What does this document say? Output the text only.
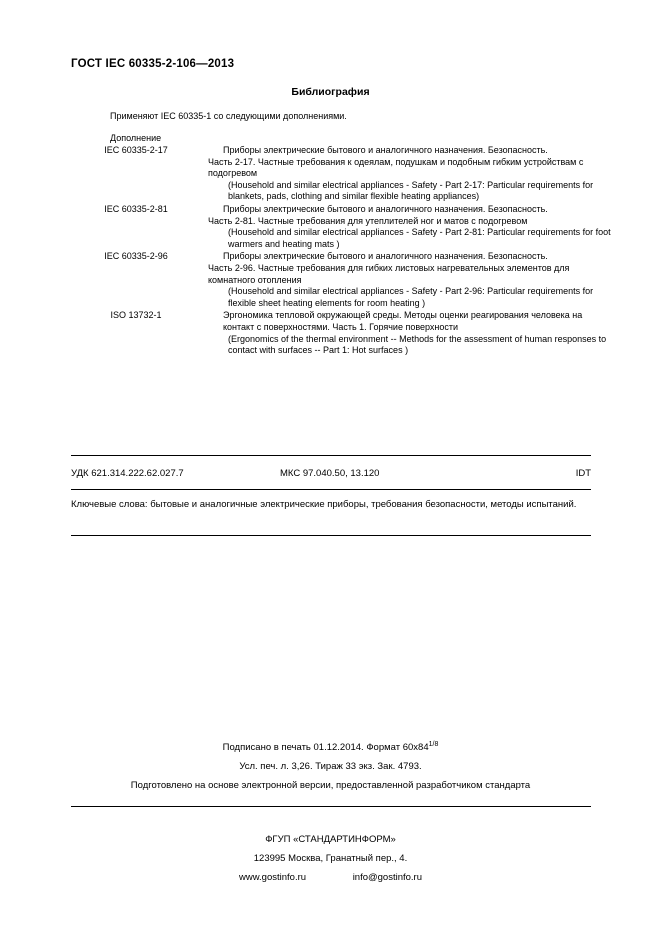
ГОСТ IEC 60335-2-106—2013
Библиография
Применяют IEC 60335-1 со следующими дополнениями.
Дополнение
IEC 60335-2-17	Приборы электрические бытового и аналогичного назначения. Безопасность.
Часть 2-17. Частные требования к одеялам, подушкам и подобным гибким устройствам с подогревом
(Household and similar electrical appliances - Safety - Part 2-17: Particular requirements for blankets, pads, clothing and similar flexible heating appliances)
IEC 60335-2-81	Приборы электрические бытового и аналогичного назначения. Безопасность.
Часть 2-81. Частные требования для утеплителей ног и матов с подогревом
(Household and similar electrical appliances - Safety - Part 2-81: Particular requirements for foot warmers and heating mats )
IEC 60335-2-96	Приборы электрические бытового и аналогичного назначения. Безопасность.
Часть 2-96. Частные требования для гибких листовых нагревательных элементов для комнатного отопления
(Household and similar electrical appliances - Safety - Part 2-96: Particular requirements for flexible sheet heating elements for room heating )
ISO 13732-1	Эргономика тепловой окружающей среды. Методы оценки реагирования человека на контакт с поверхностями. Часть 1. Горячие поверхности
(Ergonomics of the thermal environment -- Methods for the assessment of human responses to contact with surfaces -- Part 1: Hot surfaces )
УДК 621.314.222.62.027.7	МКС 97.040.50, 13.120	IDT
Ключевые слова: бытовые и аналогичные электрические приборы, требования безопасности, методы испытаний.
Подписано в печать 01.12.2014. Формат $60х84^{1/8}$
Усл. печ. л. 3,26. Тираж 33 экз. Зак. 4793.
Подготовлено на основе электронной версии, предоставленной разработчиком стандарта
ФГУП «СТАНДАРТИНФОРМ»
123995 Москва, Гранатный пер., 4.
www.gostinfo.ru	info@gostinfo.ru
